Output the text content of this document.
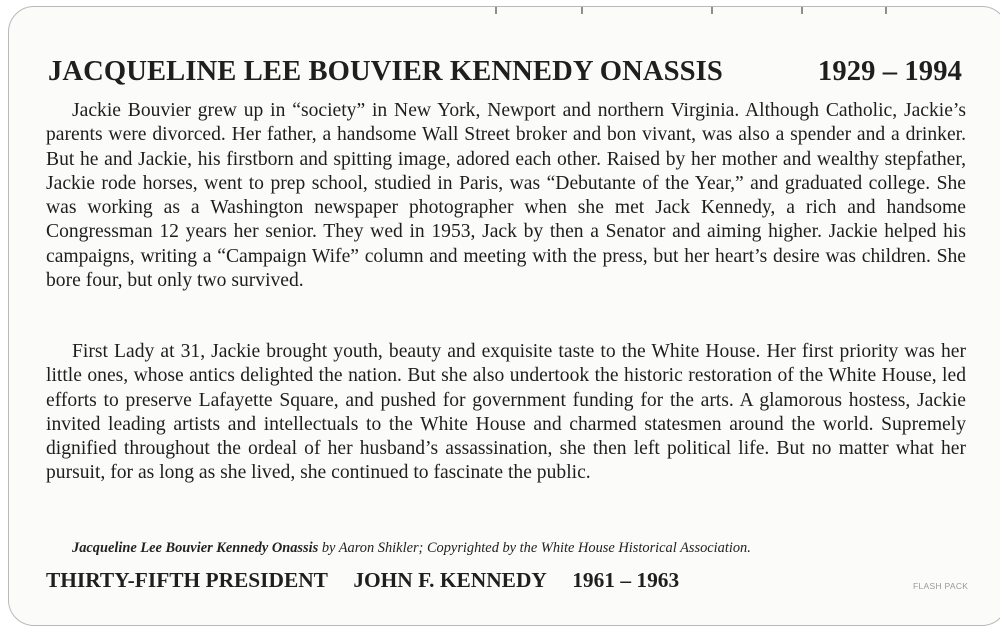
JACQUELINE LEE BOUVIER KENNEDY ONASSIS	1929 – 1994

Jackie Bouvier grew up in “society” in New York, Newport and northern Virginia. Although Catholic, Jackie’s parents were divorced. Her father, a handsome Wall Street broker and bon vivant, was also a spender and a drinker. But he and Jackie, his firstborn and spitting image, adored each other. Raised by her mother and wealthy stepfather, Jackie rode horses, went to prep school, studied in Paris, was “Debutante of the Year,” and graduated college. She was working as a Washington newspaper photographer when she met Jack Kennedy, a rich and handsome Congressman 12 years her senior. They wed in 1953, Jack by then a Senator and aiming higher. Jackie helped his campaigns, writing a “Campaign Wife” column and meeting with the press, but her heart’s desire was children. She bore four, but only two survived.

First Lady at 31, Jackie brought youth, beauty and exquisite taste to the White House. Her first priority was her little ones, whose antics delighted the nation. But she also undertook the historic restoration of the White House, led efforts to preserve Lafayette Square, and pushed for government funding for the arts. A glamorous hostess, Jackie invited leading artists and intellectuals to the White House and charmed statesmen around the world. Supremely dignified throughout the ordeal of her husband’s assassination, she then left political life. But no matter what her pursuit, for as long as she lived, she continued to fascinate the public.

Jacqueline Lee Bouvier Kennedy Onassis by Aaron Shikler; Copyrighted by the White House Historical Association.
THIRTY-FIFTH PRESIDENT JOHN F. KENNEDY 1961 – 1963	FLASH PACK
